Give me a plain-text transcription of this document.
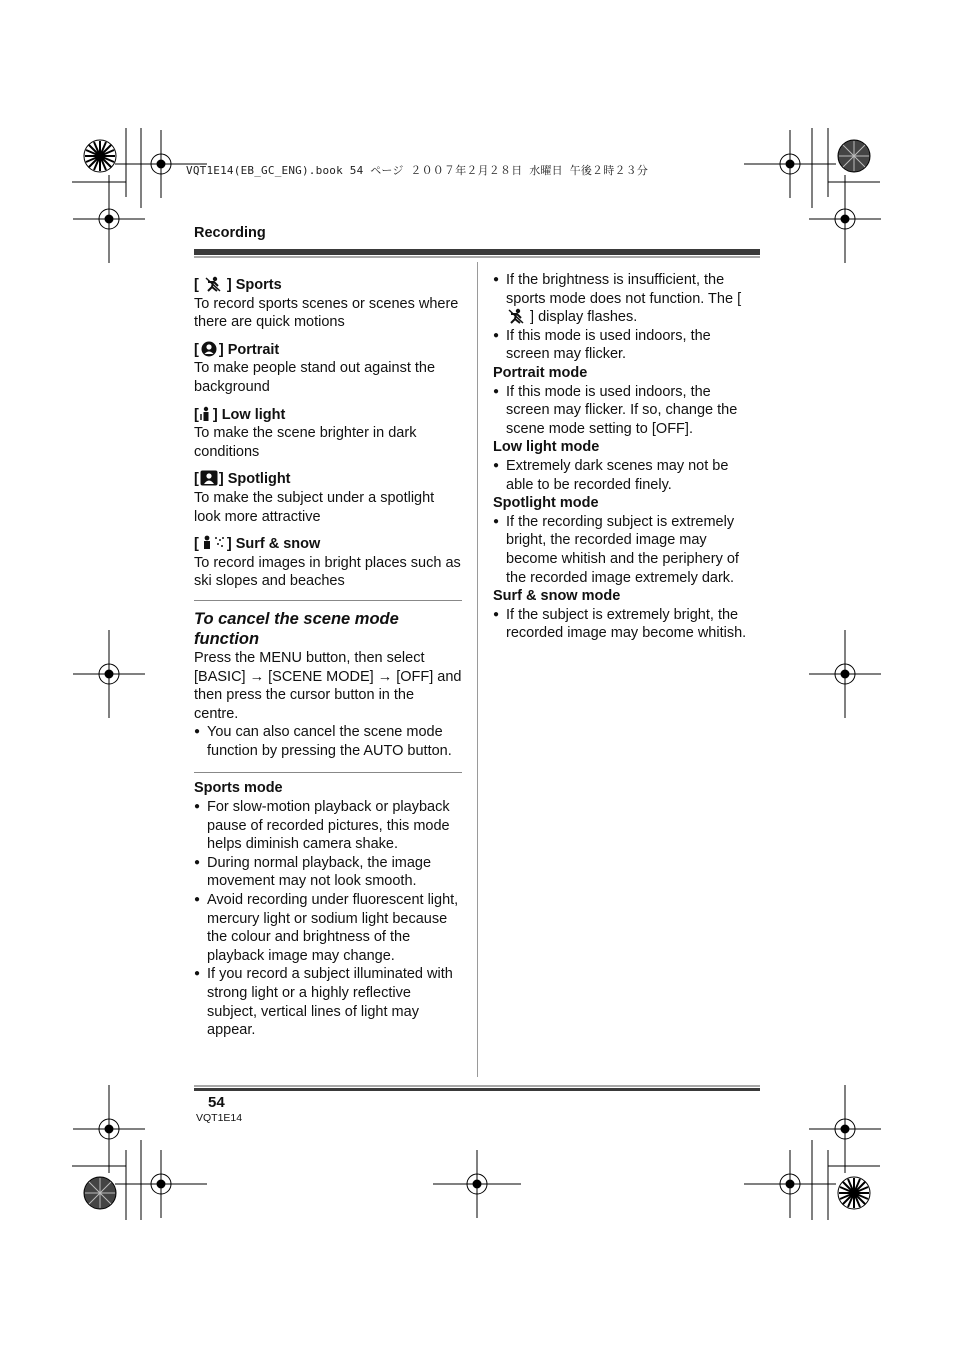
VQT1E14(EB_GC_ENG).book 54 ページ ２００７年２月２８日 水曜日 午後２時２３分
Recording
[ ] Sports
To record sports scenes or scenes where there are quick motions
[ ] Portrait
To make people stand out against the background
[ ] Low light
To make the scene brighter in dark conditions
[ ] Spotlight
To make the subject under a spotlight look more attractive
[ ] Surf & snow
To record images in bright places such as ski slopes and beaches
To cancel the scene mode function
Press the MENU button, then select [BASIC] → [SCENE MODE] → [OFF] and then press the cursor button in the centre.
● You can also cancel the scene mode function by pressing the AUTO button.
Sports mode
● For slow-motion playback or playback pause of recorded pictures, this mode helps diminish camera shake.
● During normal playback, the image movement may not look smooth.
● Avoid recording under fluorescent light, mercury light or sodium light because the colour and brightness of the playback image may change.
● If you record a subject illuminated with strong light or a highly reflective subject, vertical lines of light may appear.
● If the brightness is insufficient, the sports mode does not function. The [  ] display flashes.
● If this mode is used indoors, the screen may flicker.
Portrait mode
● If this mode is used indoors, the screen may flicker. If so, change the scene mode setting to [OFF].
Low light mode
● Extremely dark scenes may not be able to be recorded finely.
Spotlight mode
● If the recording subject is extremely bright, the recorded image may become whitish and the periphery of the recorded image extremely dark.
Surf & snow mode
● If the subject is extremely bright, the recorded image may become whitish.
54
VQT1E14
